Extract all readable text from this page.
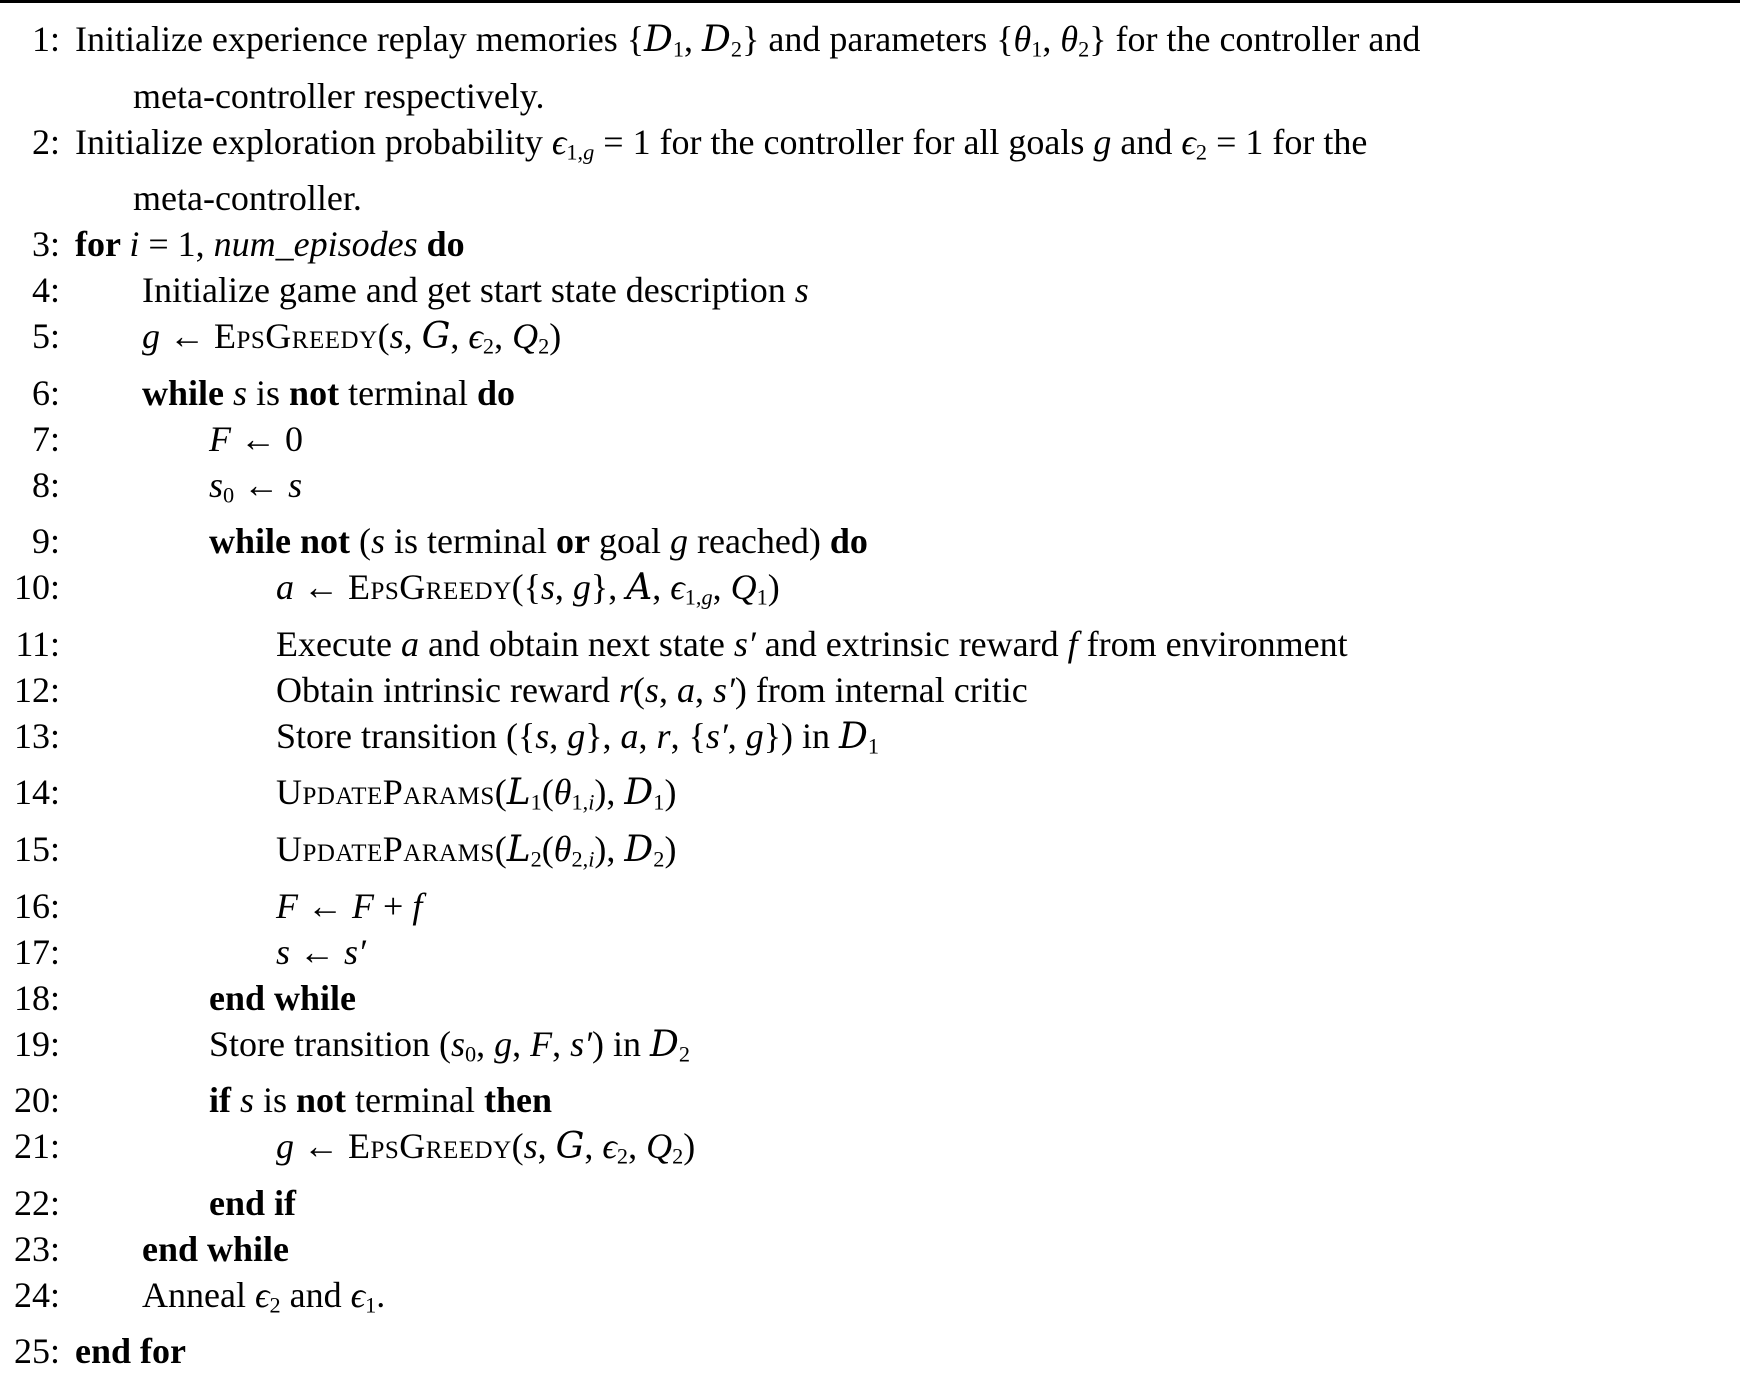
1: Initialize experience replay memories {$D_1$, $D_2$} and parameters {$\theta_1$, $\theta_2$} for the controller and
meta-controller respectively.
2: Initialize exploration probability $\epsilon_{1,g} = 1$ for the controller for all goals g and $\epsilon_2 = 1$ for the
meta-controller.
3: for i = 1, num_episodes do
4: Initialize game and get start state description s
5: g ← EpsGreedy(s, G, $\epsilon_2$, $Q_2$)
6: while s is not terminal do
7:	F ← 0
8:	$s_0$ ← s
9:	while not (s is terminal or goal g reached) do
10:	a ← EpsGreedy({s, g}, A, $\epsilon_{1,g}$, $Q_1$)
11:	Execute a and obtain next state s′ and extrinsic reward f from environment
12:	Obtain intrinsic reward r(s, a, s′) from internal critic
13:	Store transition ({s, g}, a, r, {s′, g}) in $D_1$
14:	$UpdateParams(L_1(\theta_{1,i})$, $D_1$)
15:	$UpdateParams(L_2(\theta_{2,i})$, $D_2$)
16:	F ← F + f
17:	s ← s′
18:	end while
19:	Store transition ($s_0$, g, F, s′) in $D_2$
20:	if s is not terminal then
21:	g ← EpsGreedy(s, G, $\epsilon_2$, $Q_2$)
22:	end if
23: end while
24: Anneal $\epsilon_2$ and $\epsilon_1$.
25: end for
